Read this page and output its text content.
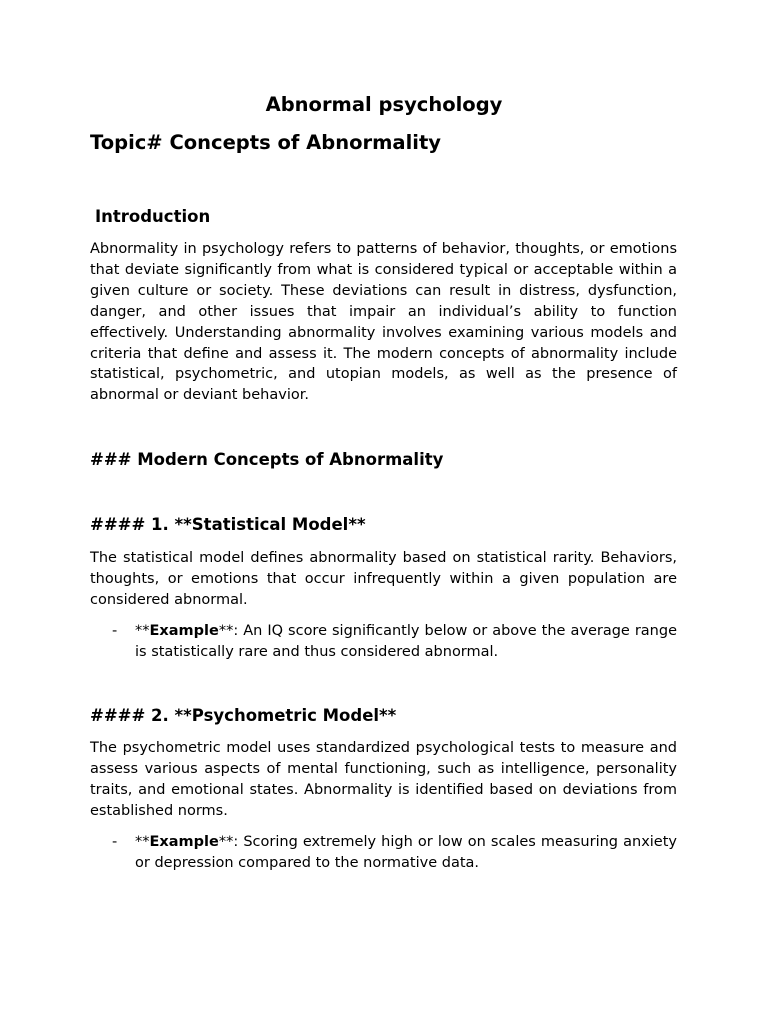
Abnormal psychology
Topic# Concepts of Abnormality
Introduction

Abnormality in psychology refers to patterns of behavior, thoughts, or emotions that deviate significantly from what is considered typical or acceptable within a given culture or society. These deviations can result in distress, dysfunction, danger, and other issues that impair an individual’s ability to function effectively. Understanding abnormality involves examining various models and criteria that define and assess it. The modern concepts of abnormality include statistical, psychometric, and utopian models, as well as the presence of abnormal or deviant behavior.

### Modern Concepts of Abnormality
#### 1. **Statistical Model**

The statistical model defines abnormality based on statistical rarity. Behaviors, thoughts, or emotions that occur infrequently within a given population are considered abnormal.

- **Example**: An IQ score significantly below or above the average range is statistically rare and thus considered abnormal.
#### 2. **Psychometric Model**

The psychometric model uses standardized psychological tests to measure and assess various aspects of mental functioning, such as intelligence, personality traits, and emotional states. Abnormality is identified based on deviations from established norms.

- **Example**: Scoring extremely high or low on scales measuring anxiety or depression compared to the normative data.
